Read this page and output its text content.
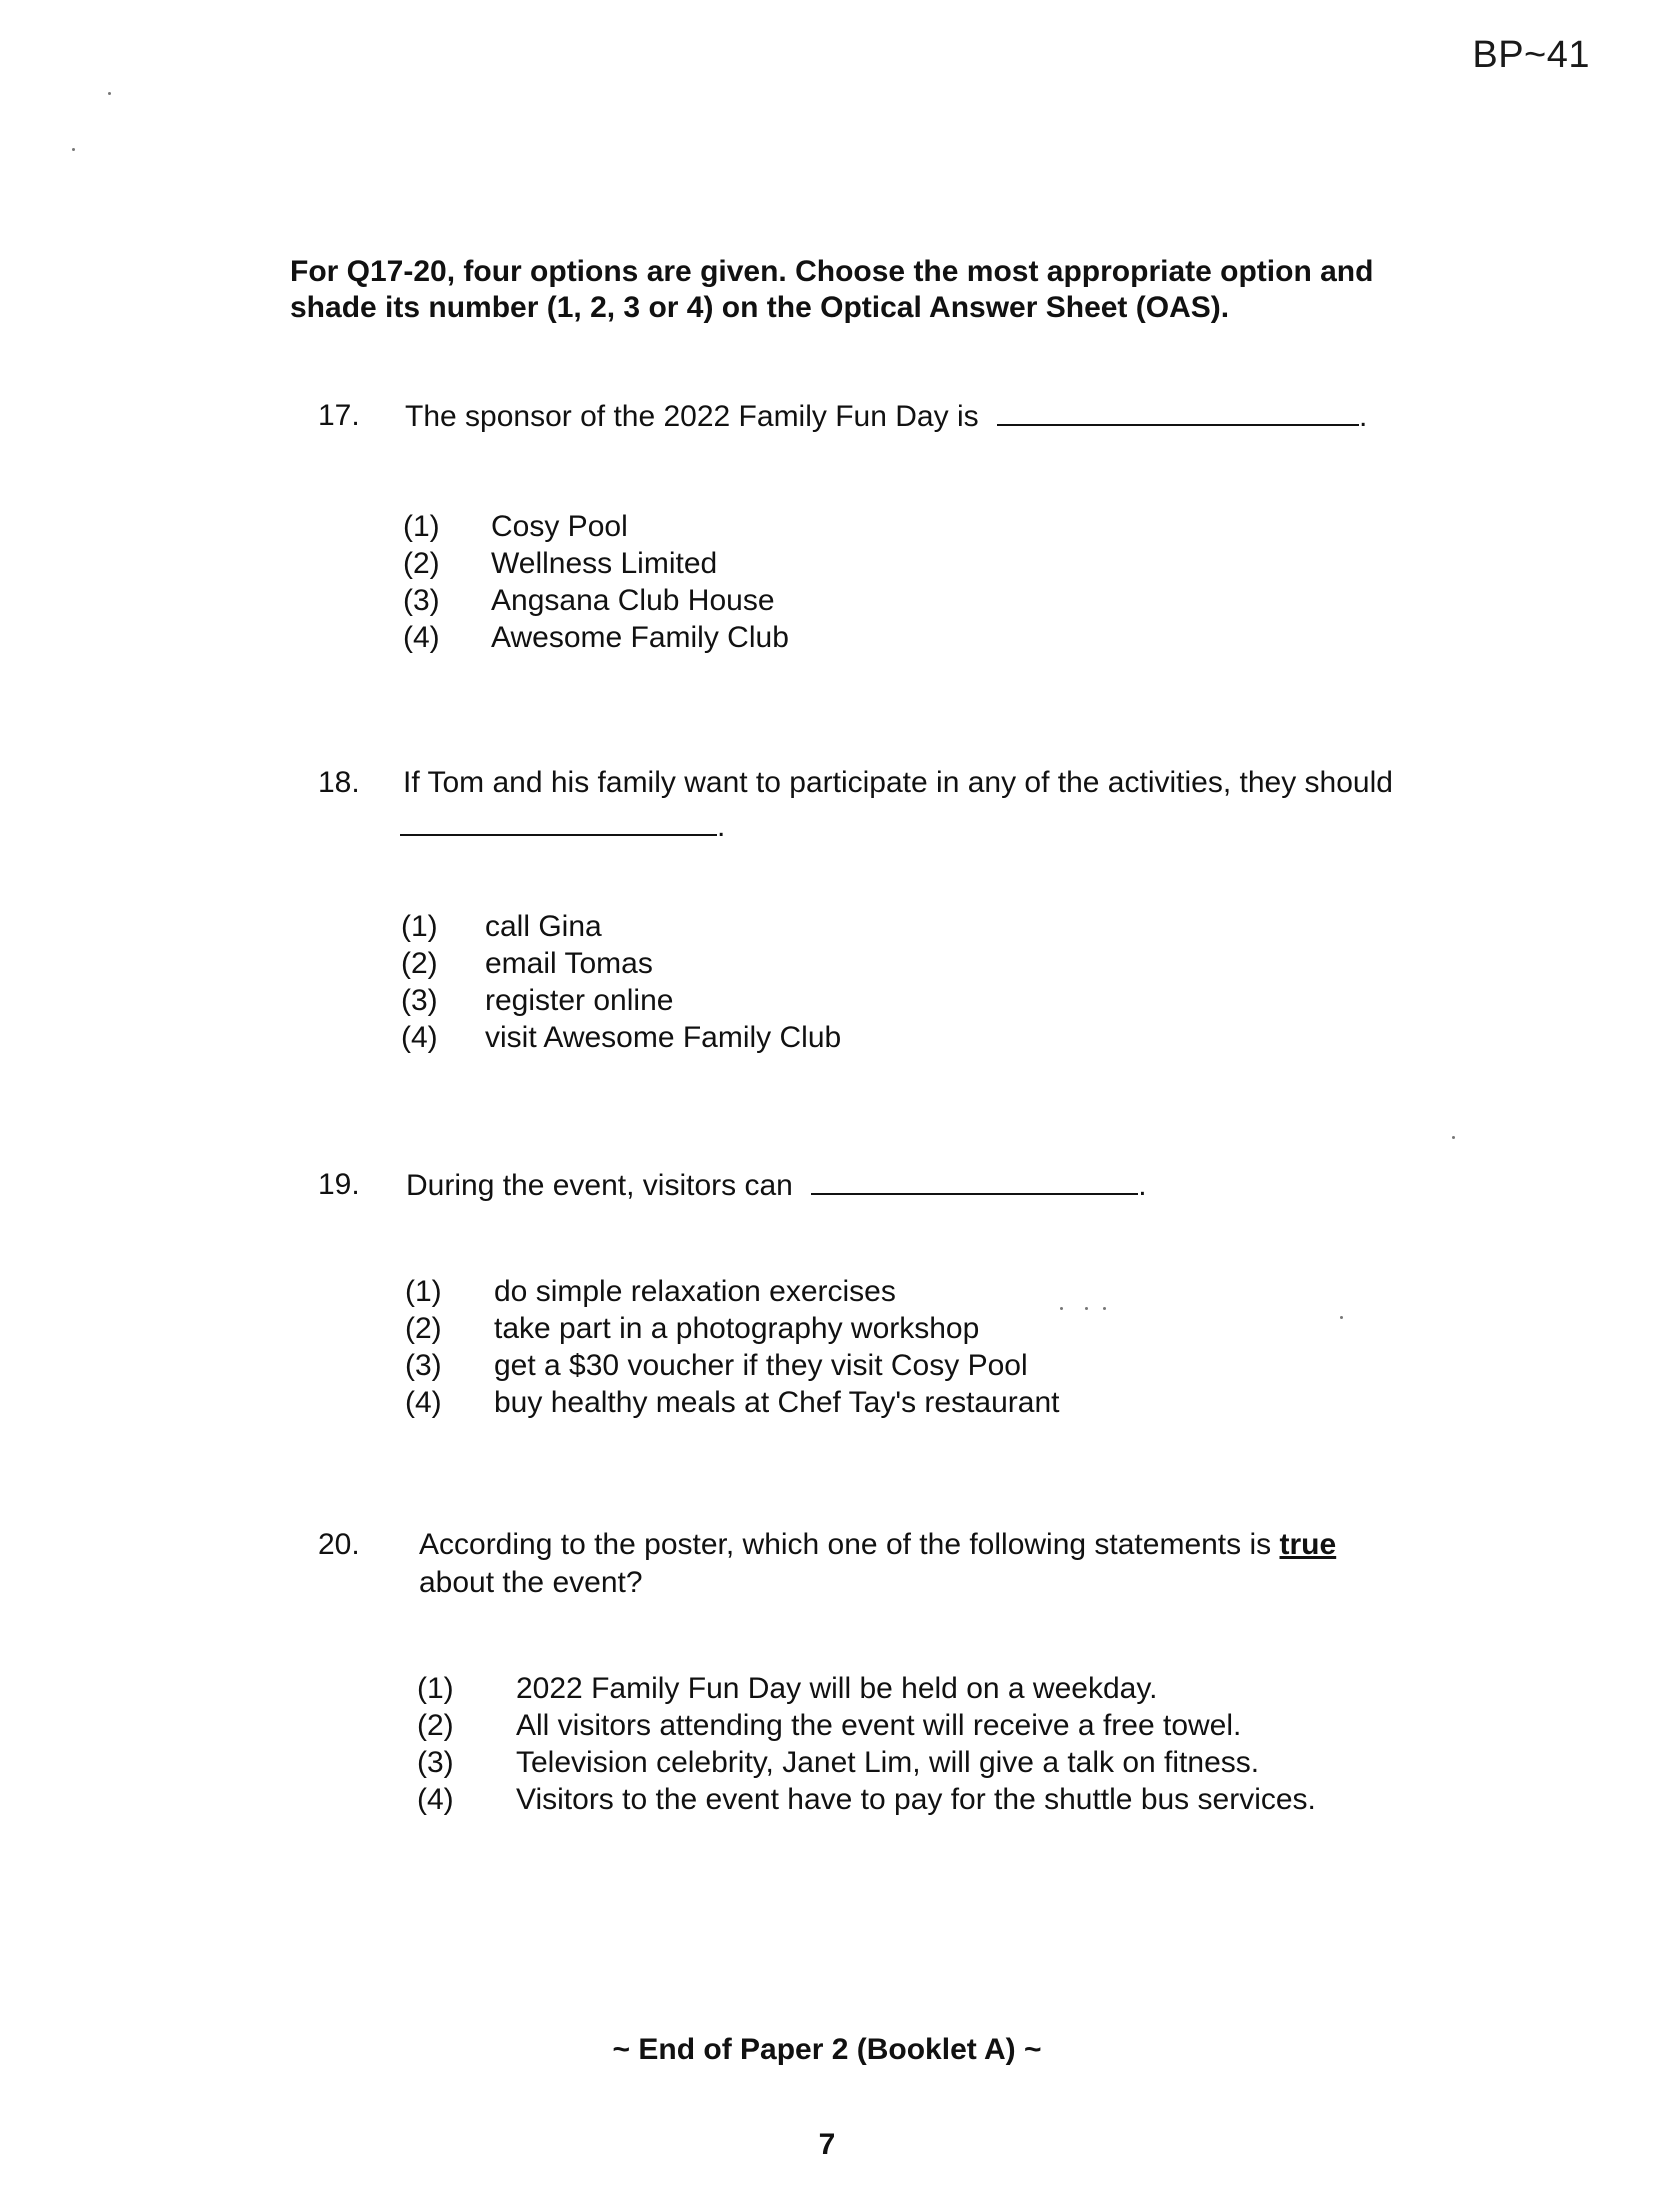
BP~41
For Q17-20, four options are given. Choose the most appropriate option and shade its number (1, 2, 3 or 4) on the Optical Answer Sheet (OAS).
17. The sponsor of the 2022 Family Fun Day is	.
(1)	Cosy Pool
(2)	Wellness Limited
(3)	Angsana Club House
(4)	Awesome Family Club
18. If Tom and his family want to participate in any of the activities, they should
.
(1)	call Gina
(2)	email Tomas
(3)	register online
(4)	visit Awesome Family Club
19. During the event, visitors can	.
(1)	do simple relaxation exercises
(2)	take part in a photography workshop
(3)	get a $30 voucher if they visit Cosy Pool
(4)	buy healthy meals at Chef Tay's restaurant
20. According to the poster, which one of the following statements is true
about the event?
(1)	2022 Family Fun Day will be held on a weekday.
(2)	All visitors attending the event will receive a free towel.
(3)	Television celebrity, Janet Lim, will give a talk on fitness.
(4)	Visitors to the event have to pay for the shuttle bus services.
~ End of Paper 2 (Booklet A) ~
7
